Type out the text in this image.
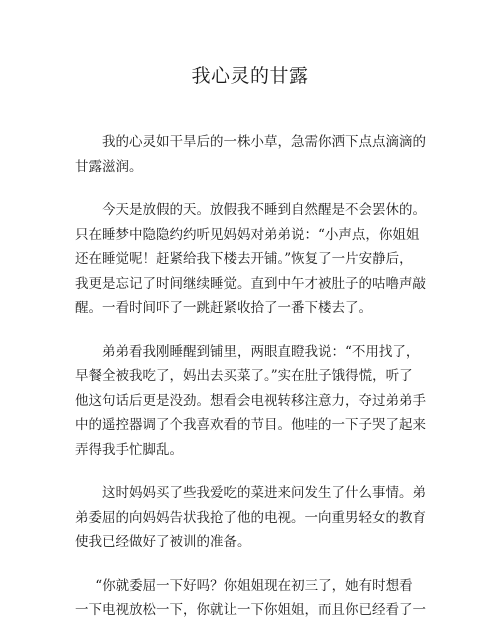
我心灵的甘露

我的心灵如干旱后的一株小草，急需你洒下点点滴滴的
甘露滋润。

今天是放假的天。放假我不睡到自然醒是不会罢休的。
只在睡梦中隐隐约约听见妈妈对弟弟说：“小声点，你姐姐
还在睡觉呢！赶紧给我下楼去开铺。”恢复了一片安静后，
我更是忘记了时间继续睡觉。直到中午才被肚子的咕噜声敲
醒。一看时间吓了一跳赶紧收拾了一番下楼去了。

弟弟看我刚睡醒到铺里，两眼直瞪我说：“不用找了，
早餐全被我吃了，妈出去买菜了。”实在肚子饿得慌，听了
他这句话后更是没劲。想看会电视转移注意力，夺过弟弟手
中的遥控器调了个我喜欢看的节目。他哇的一下子哭了起来
弄得我手忙脚乱。

这时妈妈买了些我爱吃的菜进来问发生了什么事情。弟
弟委屈的向妈妈告状我抢了他的电视。一向重男轻女的教育
使我已经做好了被训的准备。

“你就委屈一下好吗？你姐姐现在初三了，她有时想看
一下电视放松一下，你就让一下你姐姐，而且你已经看了一
